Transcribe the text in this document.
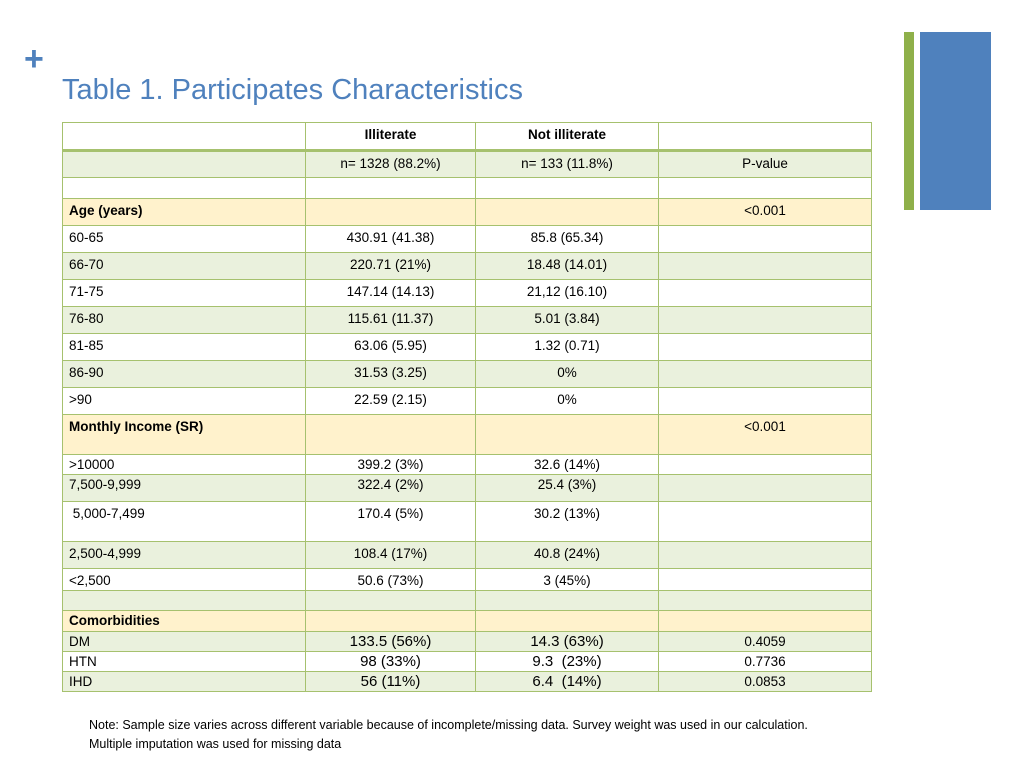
+
Table 1. Participates Characteristics
	Illiterate	Not illiterate	
	n= 1328 (88.2%)	n= 133 (11.8%)	P-value

Age (years)			<0.001
60-65	430.91 (41.38)	85.8 (65.34)	
66-70	220.71 (21%)	18.48 (14.01)	
71-75	147.14 (14.13)	21,12 (16.10)	
76-80	115.61 (11.37)	5.01 (3.84)	
81-85	63.06 (5.95)	1.32 (0.71)	
86-90	31.53 (3.25)	0%	
>90	22.59 (2.15)	0%	
Monthly Income (SR)			<0.001
>10000	399.2 (3%)	32.6 (14%)	
7,500-9,999	322.4 (2%)	25.4 (3%)	
5,000-7,499	170.4 (5%)	30.2 (13%)	
2,500-4,999	108.4 (17%)	40.8 (24%)	
<2,500	50.6 (73%)	3 (45%)	

Comorbidities			
DM	133.5 (56%)	14.3 (63%)	0.4059
HTN	98 (33%)	9.3  (23%)	0.7736
IHD	56 (11%)	6.4  (14%)	0.0853

Note: Sample size varies across different variable because of incomplete/missing data. Survey weight was used in our calculation. Multiple imputation was used for missing data
